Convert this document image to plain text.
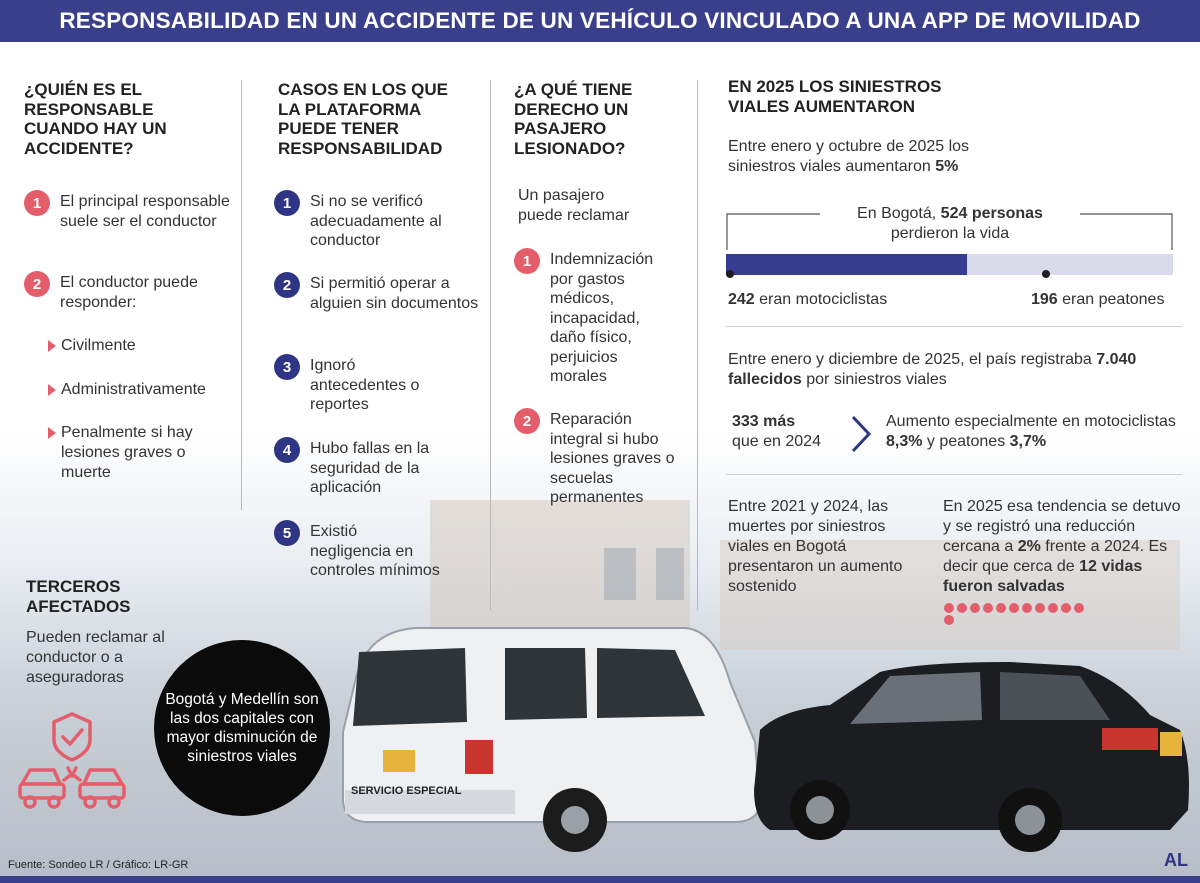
SERVICIO ESPECIAL
RESPONSABILIDAD EN UN ACCIDENTE DE UN VEHÍCULO VINCULADO A UNA APP DE MOVILIDAD
¿QUIÉN ES EL RESPONSABLE CUANDO HAY UN ACCIDENTE?
1	El principal responsable suele ser el conductor
2	El conductor puede responder:
Civilmente
Administrativamente
Penalmente si hay lesiones graves o muerte
TERCEROS AFECTADOS
Pueden reclamar al conductor o a aseguradoras
Bogotá y Medellín son las dos capitales con mayor disminución de siniestros viales
CASOS EN LOS QUE LA PLATAFORMA PUEDE TENER RESPONSABILIDAD
1	Si no se verificó adecuadamente al conductor
2	Si permitió operar a alguien sin documentos
3	Ignoró antecedentes o reportes
4	Hubo fallas en la seguridad de la aplicación
5	Existió negligencia en controles mínimos
¿A QUÉ TIENE DERECHO UN PASAJERO LESIONADO?
Un pasajero puede reclamar
1	Indemnización por gastos médicos, incapacidad, daño físico, perjuicios morales
2	Reparación integral si hubo lesiones graves o secuelas permanentes
EN 2025 LOS SINIESTROS VIALES AUMENTARON
Entre enero y octubre de 2025 los siniestros viales aumentaron 5%
En Bogotá, 524 personas
perdieron la vida
242 eran motociclistas	196 eran peatones
Entre enero y diciembre de 2025, el país registraba 7.040 fallecidos por siniestros viales
333 más
que en 2024
Aumento especialmente en motociclistas 8,3% y peatones 3,7%
Entre 2021 y 2024, las muertes por siniestros viales en Bogotá presentaron un aumento sostenido
En 2025 esa tendencia se detuvo y se registró una reducción cercana a 2% frente a 2024. Es decir que cerca de 12 vidas fueron salvadas
Fuente: Sondeo LR / Gráfico: LR-GR	AL
